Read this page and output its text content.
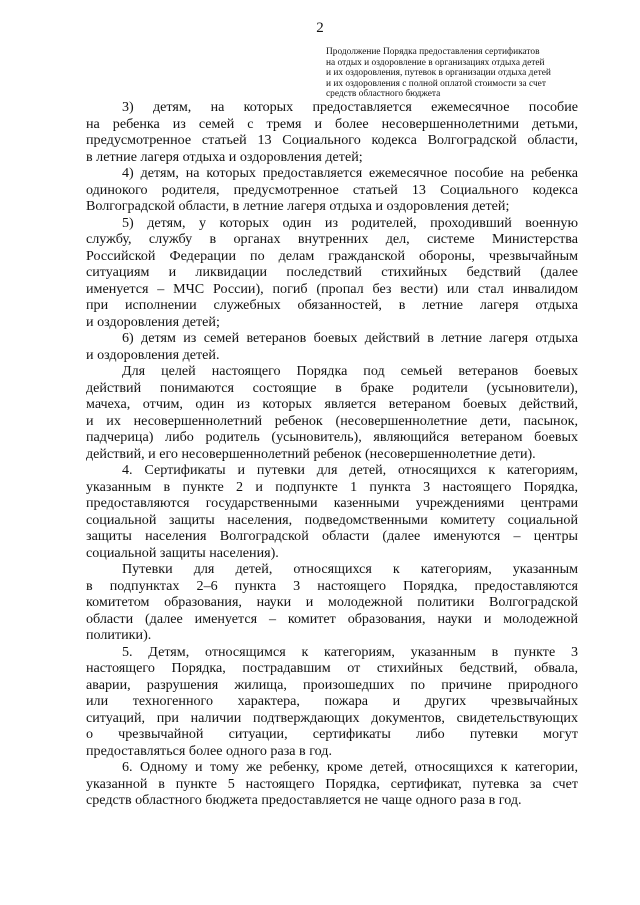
2
Продолжение Порядка предоставления сертификатов
на отдых и оздоровление в организациях отдыха детей
и их оздоровления, путевок в организации отдыха детей
и их оздоровления с полной оплатой стоимости за счет
средств областного бюджета
3) детям, на которых предоставляется ежемесячное пособие
на ребенка из семей с тремя и более несовершеннолетними детьми,
предусмотренное статьей 13 Социального кодекса Волгоградской области,
в летние лагеря отдыха и оздоровления детей;
4) детям, на которых предоставляется ежемесячное пособие на ребенка
одинокого родителя, предусмотренное статьей 13 Социального кодекса
Волгоградской области, в летние лагеря отдыха и оздоровления детей;
5) детям, у которых один из родителей, проходивший военную
службу, службу в органах внутренних дел, системе Министерства
Российской Федерации по делам гражданской обороны, чрезвычайным
ситуациям и ликвидации последствий стихийных бедствий (далее
именуется – МЧС России), погиб (пропал без вести) или стал инвалидом
при исполнении служебных обязанностей, в летние лагеря отдыха
и оздоровления детей;
6) детям из семей ветеранов боевых действий в летние лагеря отдыха
и оздоровления детей.
Для целей настоящего Порядка под семьей ветеранов боевых
действий понимаются состоящие в браке родители (усыновители),
мачеха, отчим, один из которых является ветераном боевых действий,
и их несовершеннолетний ребенок (несовершеннолетние дети, пасынок,
падчерица) либо родитель (усыновитель), являющийся ветераном боевых
действий, и его несовершеннолетний ребенок (несовершеннолетние дети).
4. Сертификаты и путевки для детей, относящихся к категориям,
указанным в пункте 2 и подпункте 1 пункта 3 настоящего Порядка,
предоставляются государственными казенными учреждениями центрами
социальной защиты населения, подведомственными комитету социальной
защиты населения Волгоградской области (далее именуются – центры
социальной защиты населения).
Путевки для детей, относящихся к категориям, указанным
в подпунктах 2–6 пункта 3 настоящего Порядка, предоставляются
комитетом образования, науки и молодежной политики Волгоградской
области (далее именуется – комитет образования, науки и молодежной
политики).
5. Детям, относящимся к категориям, указанным в пункте 3
настоящего Порядка, пострадавшим от стихийных бедствий, обвала,
аварии, разрушения жилища, произошедших по причине природного
или техногенного характера, пожара и других чрезвычайных
ситуаций, при наличии подтверждающих документов, свидетельствующих
о чрезвычайной ситуации, сертификаты либо путевки могут
предоставляться более одного раза в год.
6. Одному и тому же ребенку, кроме детей, относящихся к категории,
указанной в пункте 5 настоящего Порядка, сертификат, путевка за счет
средств областного бюджета предоставляется не чаще одного раза в год.
